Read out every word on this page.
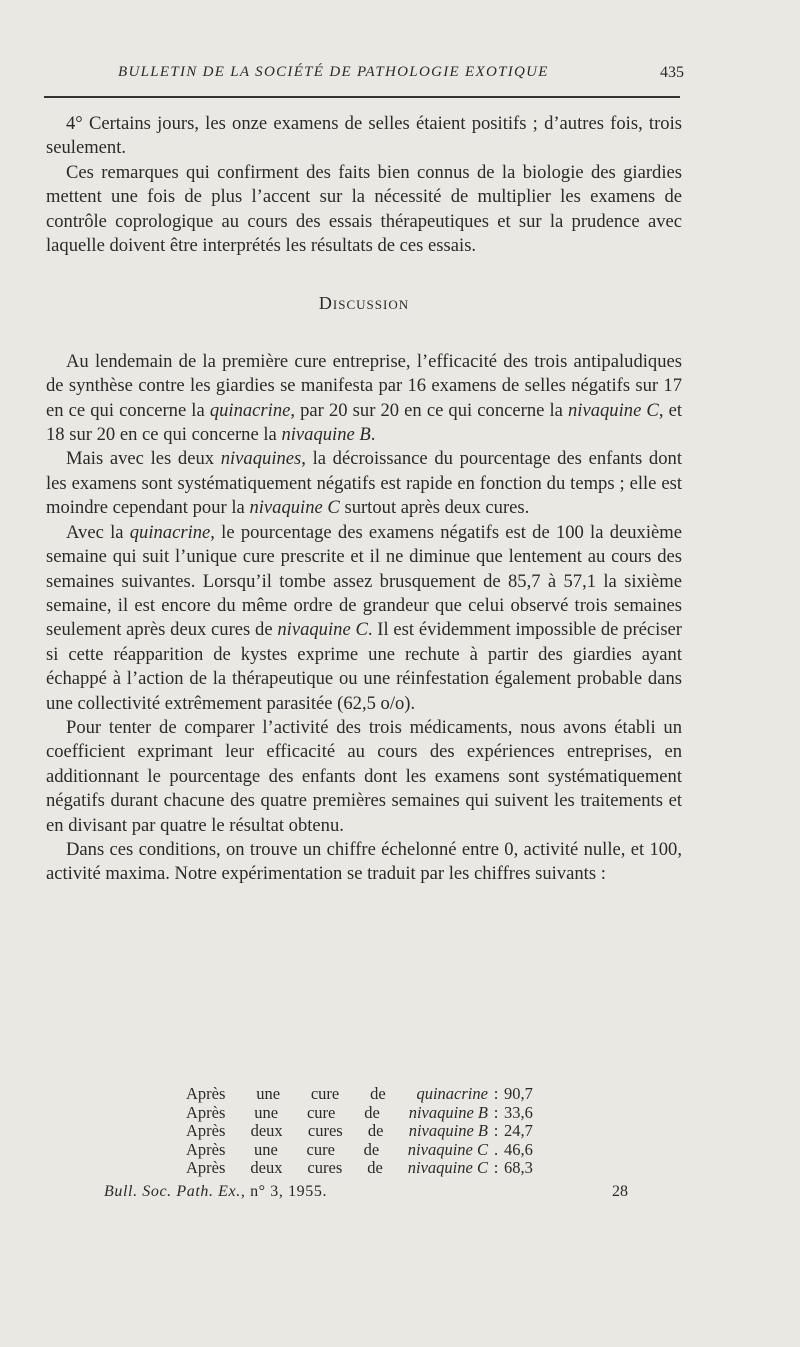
BULLETIN DE LA SOCIÉTÉ DE PATHOLOGIE EXOTIQUE	435

4° Certains jours, les onze examens de selles étaient positifs ; d’autres fois, trois seulement.

Ces remarques qui confirment des faits bien connus de la biologie des giardies mettent une fois de plus l’accent sur la nécessité de multiplier les examens de contrôle coprologique au cours des essais thérapeutiques et sur la prudence avec laquelle doivent être interprétés les résultats de ces essais.

Discussion

Au lendemain de la première cure entreprise, l’efficacité des trois antipaludiques de synthèse contre les giardies se manifesta par 16 examens de selles négatifs sur 17 en ce qui concerne la quinacrine, par 20 sur 20 en ce qui concerne la nivaquine C, et 18 sur 20 en ce qui concerne la nivaquine B.

Mais avec les deux nivaquines, la décroissance du pourcentage des enfants dont les examens sont systématiquement négatifs est rapide en fonction du temps ; elle est moindre cependant pour la nivaquine C surtout après deux cures.

Avec la quinacrine, le pourcentage des examens négatifs est de 100 la deuxième semaine qui suit l’unique cure prescrite et il ne diminue que lentement au cours des semaines suivantes. Lorsqu’il tombe assez brusquement de 85,7 à 57,1 la sixième semaine, il est encore du même ordre de grandeur que celui observé trois semaines seulement après deux cures de nivaquine C. Il est évidemment impossible de préciser si cette réapparition de kystes exprime une rechute à partir des giardies ayant échappé à l’action de la thérapeutique ou une réinfestation également probable dans une collectivité extrêmement parasitée (62,5 o/o).

Pour tenter de comparer l’activité des trois médicaments, nous avons établi un coefficient exprimant leur efficacité au cours des expériences entreprises, en additionnant le pourcentage des enfants dont les examens sont systématiquement négatifs durant chacune des quatre premières semaines qui suivent les traitements et en divisant par quatre le résultat obtenu.

Dans ces conditions, on trouve un chiffre échelonné entre 0, activité nulle, et 100, activité maxima. Notre expérimentation se traduit par les chiffres suivants :

Après une cure de quinacrine : 90,7
Après une cure de nivaquine B : 33,6
Après deux cures de nivaquine B : 24,7
Après une cure de nivaquine C . 46,6
Après deux cures de nivaquine C : 68,3
Bull. Soc. Path. Ex., n° 3, 1955.	28
